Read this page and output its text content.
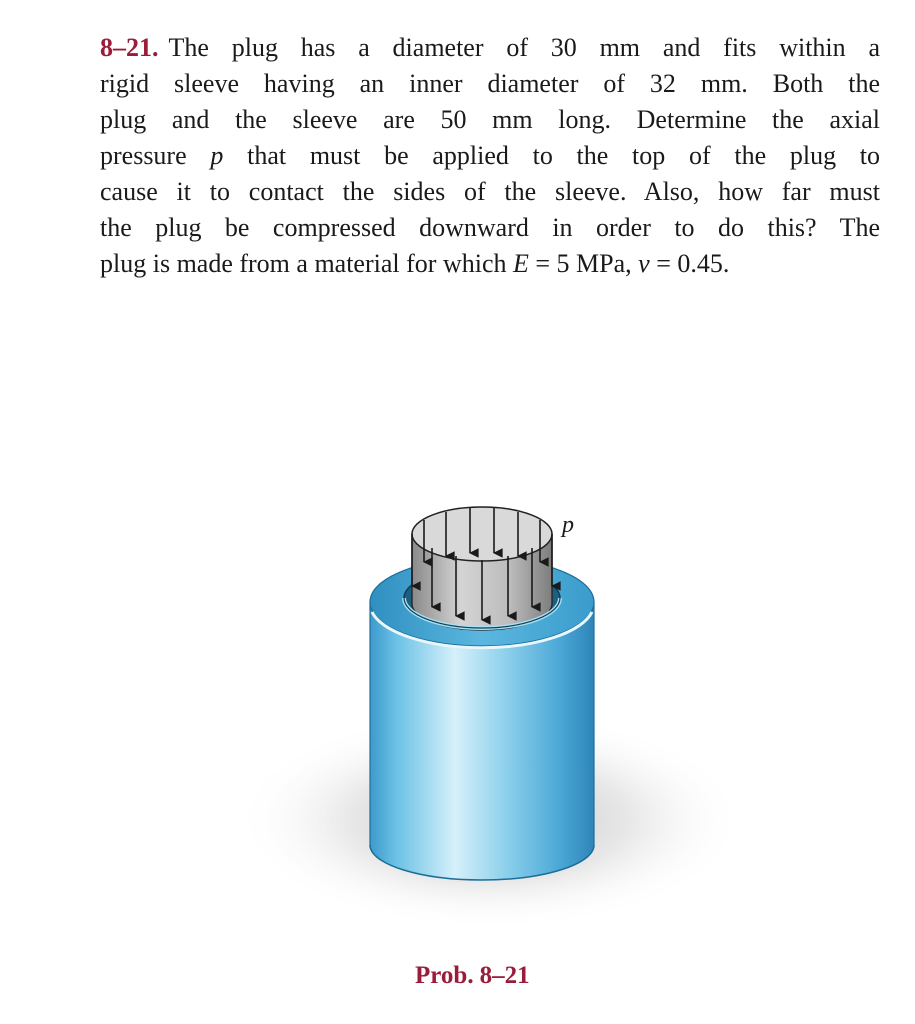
8–21. The plug has a diameter of 30 mm and fits within a
rigid sleeve having an inner diameter of 32 mm. Both the
plug and the sleeve are 50 mm long. Determine the axial
pressure p that must be applied to the top of the plug to
cause it to contact the sides of the sleeve. Also, how far must
the plug be compressed downward in order to do this? The
plug is made from a material for which E = 5 MPa, ν = 0.45.
p
Prob. 8–21
